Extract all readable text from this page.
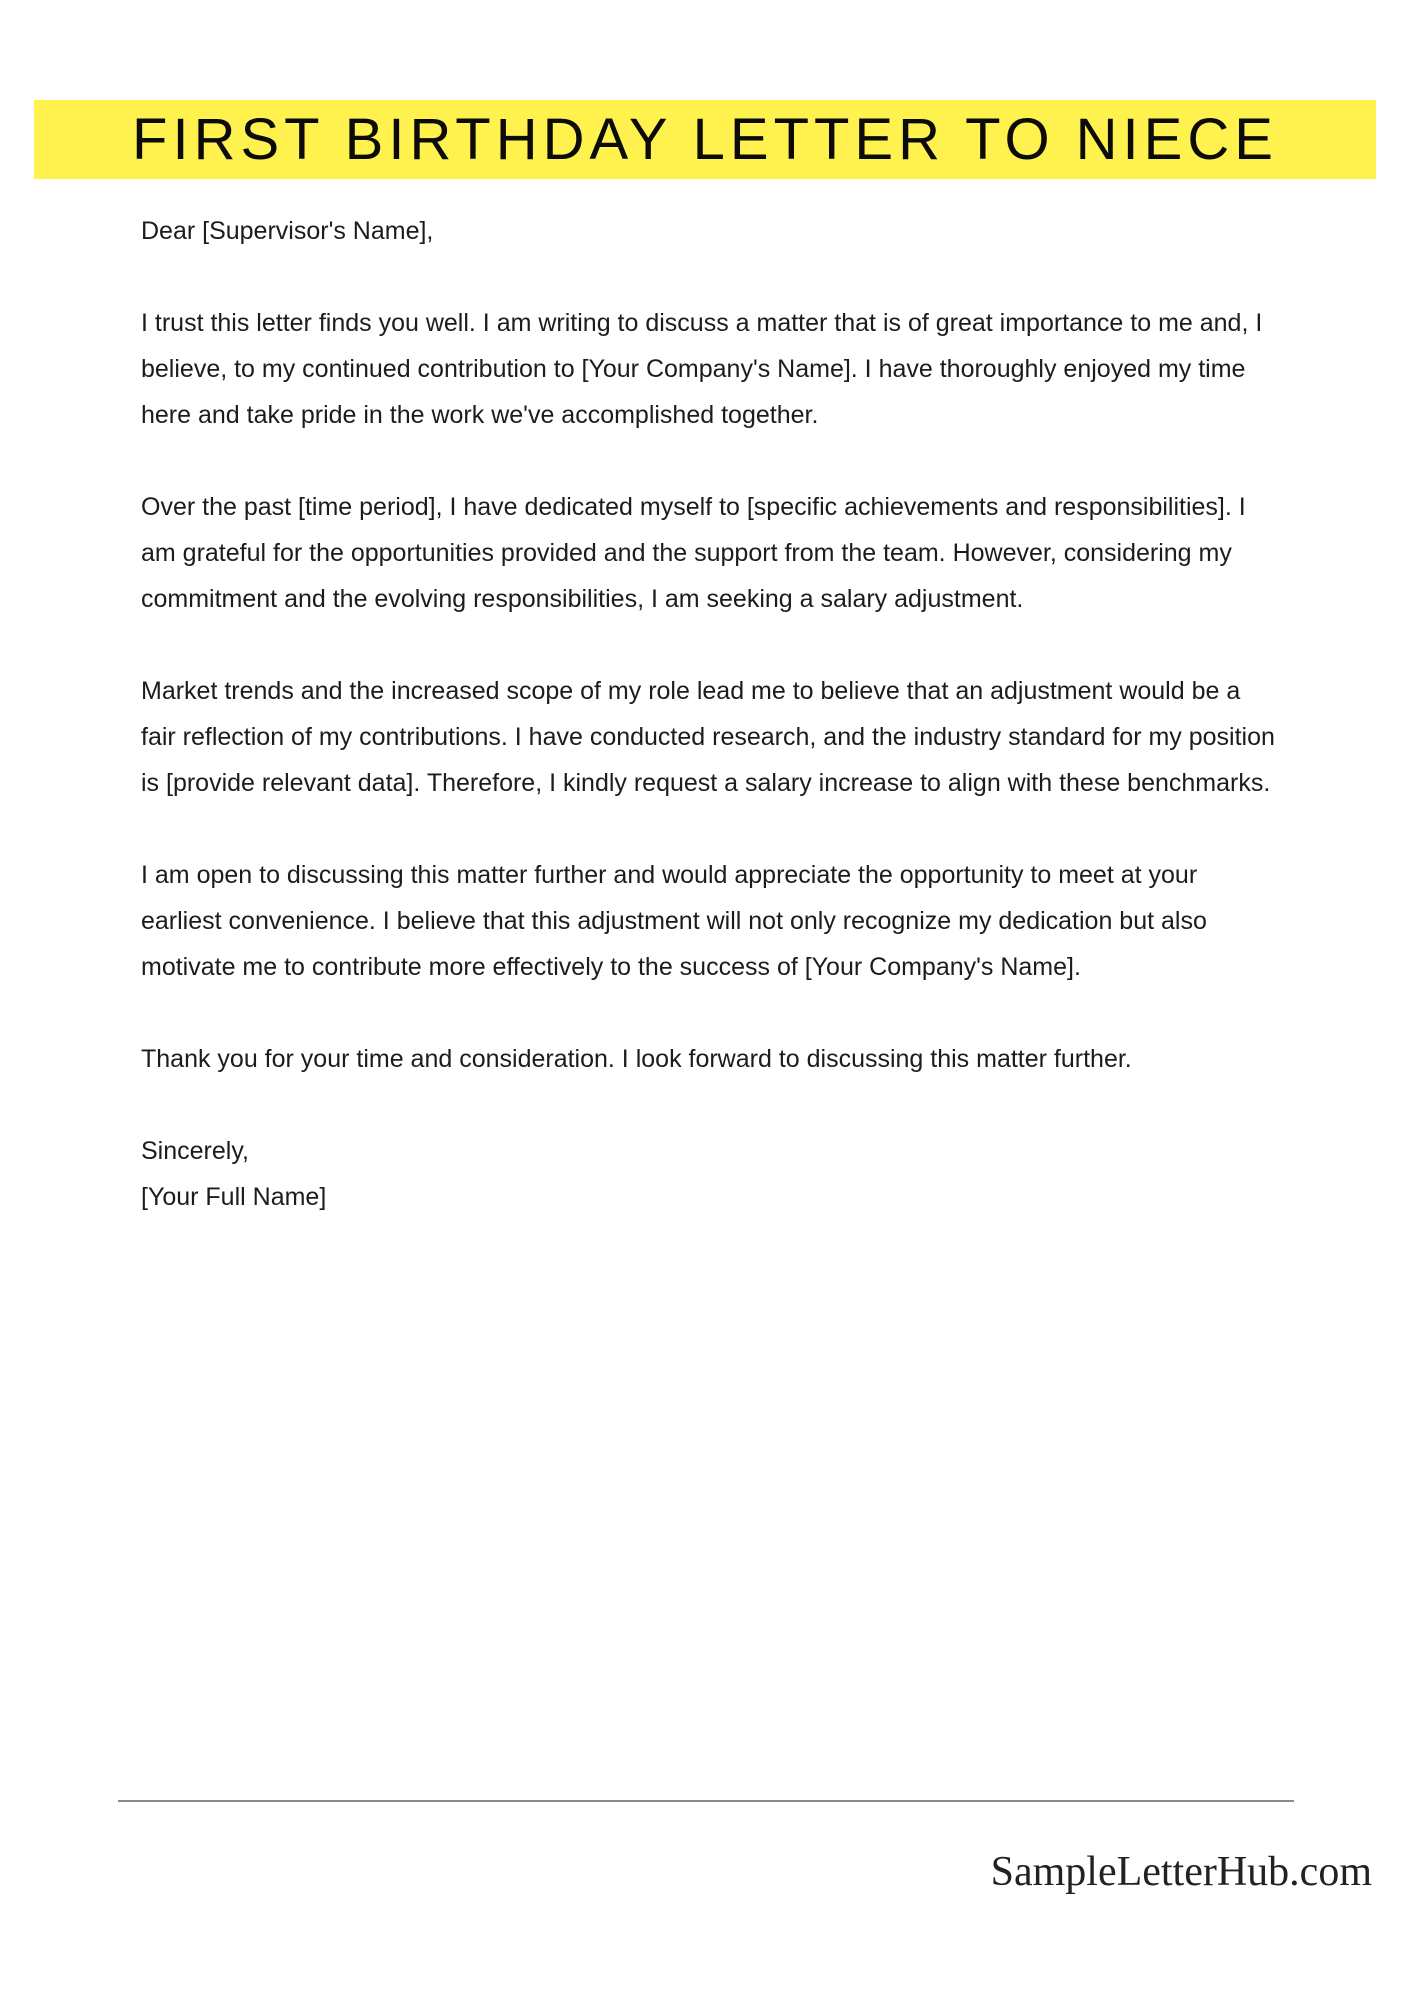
FIRST BIRTHDAY LETTER TO NIECE

Dear [Supervisor's Name],

I trust this letter finds you well. I am writing to discuss a matter that is of great importance to me and, I believe, to my continued contribution to [Your Company's Name]. I have thoroughly enjoyed my time here and take pride in the work we've accomplished together.

Over the past [time period], I have dedicated myself to [specific achievements and responsibilities]. I am grateful for the opportunities provided and the support from the team. However, considering my commitment and the evolving responsibilities, I am seeking a salary adjustment.

Market trends and the increased scope of my role lead me to believe that an adjustment would be a fair reflection of my contributions. I have conducted research, and the industry standard for my position is [provide relevant data]. Therefore, I kindly request a salary increase to align with these benchmarks.

I am open to discussing this matter further and would appreciate the opportunity to meet at your earliest convenience. I believe that this adjustment will not only recognize my dedication but also motivate me to contribute more effectively to the success of [Your Company's Name].

Thank you for your time and consideration. I look forward to discussing this matter further.

Sincerely,

[Your Full Name]

SampleLetterHub.com
